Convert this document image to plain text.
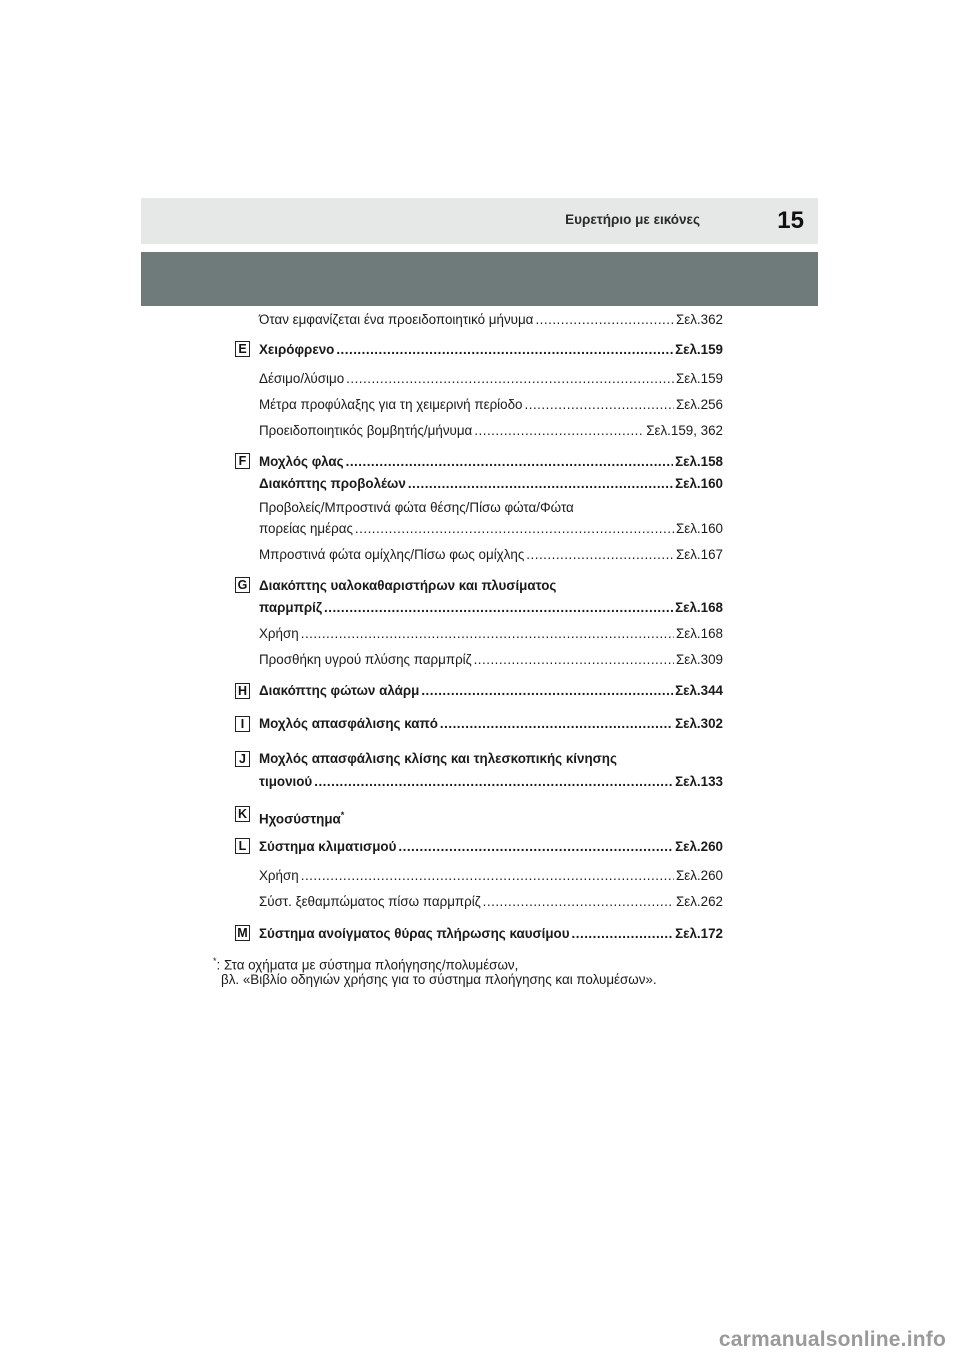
Ευρετήριο με εικόνες	15
Όταν εμφανίζεται ένα προειδοποιητικό μήνυμα .....	Σελ.362
E Χειρόφρενο .....	Σελ.159
Δέσιμο/λύσιμο .....	Σελ.159
Μέτρα προφύλαξης για τη χειμερινή περίοδο .....	Σελ.256
Προειδοποιητικός βομβητής/μήνυμα .....	Σελ.159, 362
F Μοχλός φλας .....	Σελ.158
Διακόπτης προβολέων .....	Σελ.160
Προβολείς/Μπροστινά φώτα θέσης/Πίσω φώτα/Φώτα
πορείας ημέρας .....	Σελ.160
Μπροστινά φώτα ομίχλης/Πίσω φως ομίχλης .....	Σελ.167
G Διακόπτης υαλοκαθαριστήρων και πλυσίματος
παρμπρίζ .....	Σελ.168
Χρήση .....	Σελ.168
Προσθήκη υγρού πλύσης παρμπρίζ .....	Σελ.309
H Διακόπτης φώτων αλάρμ .....	Σελ.344
I	Μοχλός απασφάλισης καπό .....	Σελ.302
J Μοχλός απασφάλισης κλίσης και τηλεσκοπικής κίνησης
τιμονιού .....	Σελ.133
K Ηχοσύστημα*
L Σύστημα κλιματισμού .....	Σελ.260
Χρήση .....	Σελ.260
Σύστ. ξεθαμπώματος πίσω παρμπρίζ .....	Σελ.262
M Σύστημα ανοίγματος θύρας πλήρωσης καυσίμου .....	Σελ.172
*: Στα οχήματα με σύστημα πλοήγησης/πολυμέσων,
βλ. «Βιβλίο οδηγιών χρήσης για το σύστημα πλοήγησης και πολυμέσων».
carmanualsonline.info
